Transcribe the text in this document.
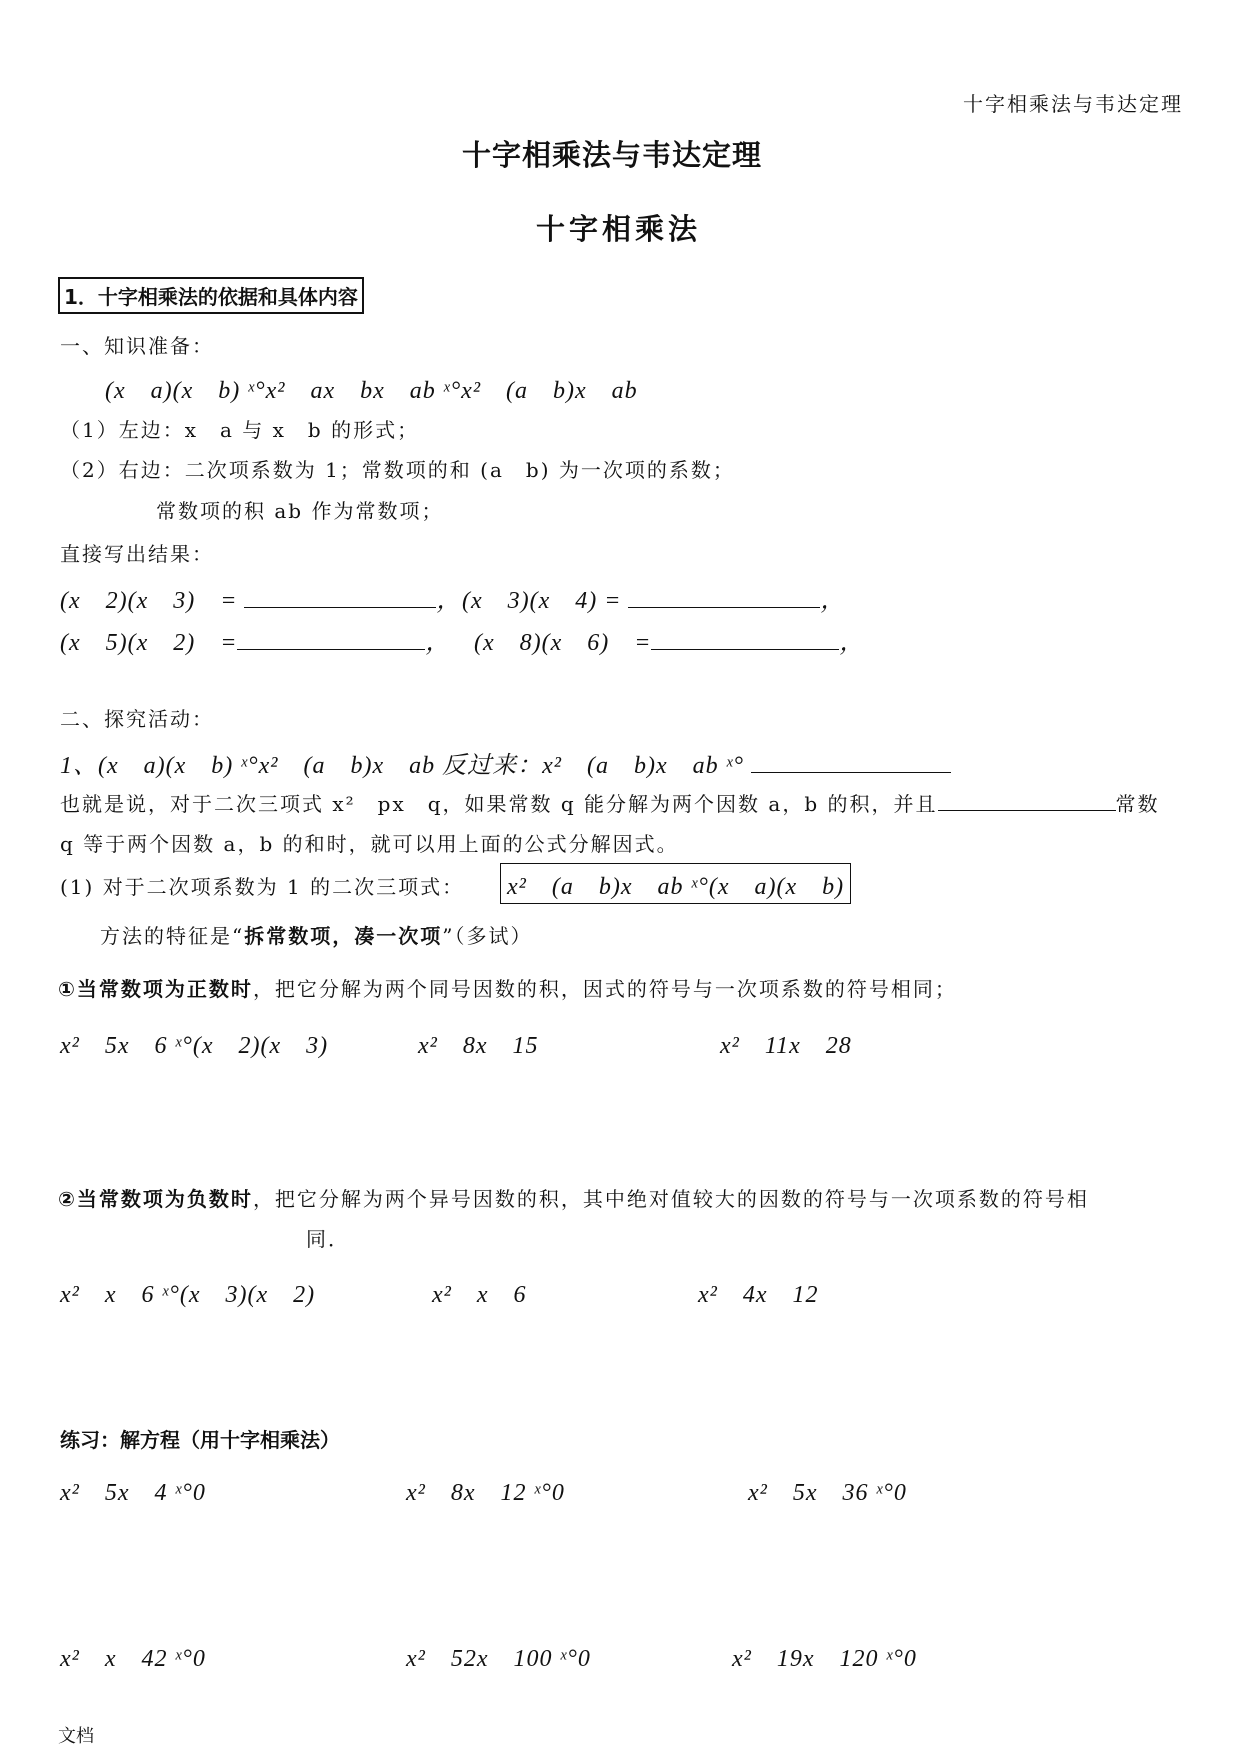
十字相乘法与韦达定理
十字相乘法与韦达定理
十字相乘法
1．十字相乘法的依据和具体内容
一、知识准备：
(x　a)(x　b) ˣ°x²　ax　bx　ab ˣ°x²　(a　b)x　ab
（1）左边：x　a 与 x　b 的形式；
（2）右边：二次项系数为 1；常数项的和 (a　b) 为一次项的系数；
常数项的积 ab 作为常数项；
直接写出结果：
(x　2)(x　3)　=	， (x　3)(x　4) =	，
(x　5)(x　2)　=	， (x　8)(x　6)　=	，
二、探究活动：
1、(x　a)(x　b) ˣ°x²　(a　b)x　ab 反过来：x²　(a　b)x　ab ˣ°
也就是说，对于二次三项式 x²　px　q，如果常数 q 能分解为两个因数 a，b 的积，并且	常数
q 等于两个因数 a，b 的和时，就可以用上面的公式分解因式。
(1) 对于二次项系数为 1 的二次三项式： x²　(a　b)x　ab ˣ°(x　a)(x　b)
方法的特征是“拆常数项，凑一次项”（多试）
①当常数项为正数时，把它分解为两个同号因数的积，因式的符号与一次项系数的符号相同；
x²　5x　6 ˣ°(x　2)(x　3)	x²　8x　15	x²　11x　28
②当常数项为负数时，把它分解为两个异号因数的积，其中绝对值较大的因数的符号与一次项系数的符号相
同．
x²　x　6 ˣ°(x　3)(x　2)	x²　x　6	x²　4x　12
练习：解方程（用十字相乘法）
x²　5x　4 ˣ°0	x²　8x　12 ˣ°0	x²　5x　36 ˣ°0
x²　x　42 ˣ°0	x²　52x　100 ˣ°0	x²　19x　120 ˣ°0
文档
